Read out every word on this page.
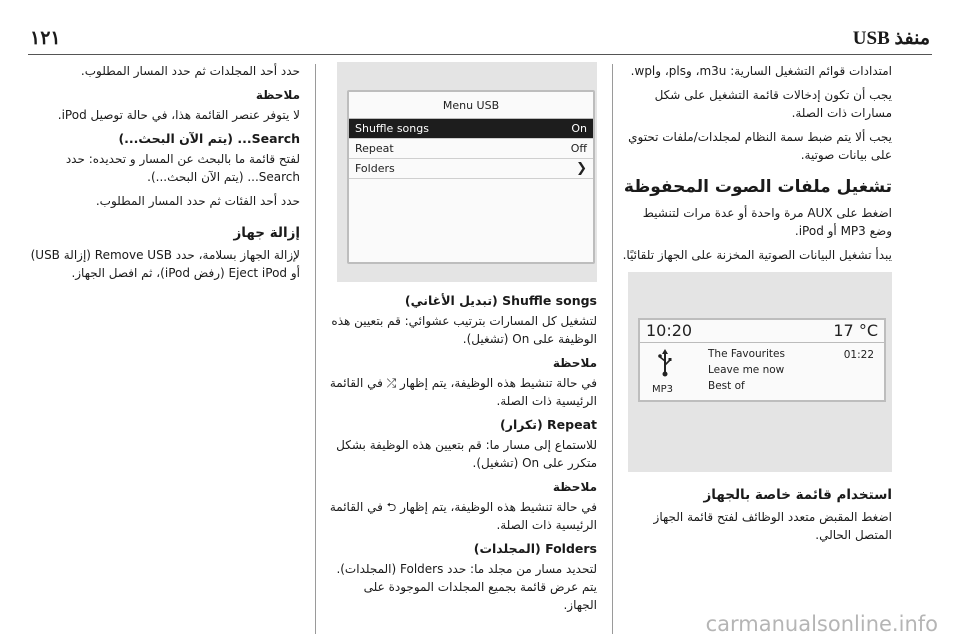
١٢١	منفذ USB

حدد أحد المجلدات ثم حدد المسار المطلوب.

ملاحظة

لا يتوفر عنصر القائمة هذا، في حالة توصيل iPod.

Search... (يتم الآن البحث...)

لفتح قائمة ما بالبحث عن المسار و تحديده: حدد Search... (يتم الآن البحث...).

حدد أحد الفئات ثم حدد المسار المطلوب.

إزالة جهاز

لإزالة الجهاز بسلامة، حدد Remove USB (إزالة USB) أو Eject iPod (رفض iPod)، ثم افصل الجهاز.

Menu USB
Shuffle songs	On
Repeat	Off
Folders	❯

Shuffle songs (تبديل الأغاني)

لتشغيل كل المسارات بترتيب عشوائي: قم بتعيين هذه الوظيفة على On (تشغيل).

ملاحظة

في حالة تنشيط هذه الوظيفة، يتم إظهار ⤮ في القائمة الرئيسية ذات الصلة.

Repeat (تكرار)

للاستماع إلى مسار ما: قم بتعيين هذه الوظيفة بشكل متكرر على On (تشغيل).

ملاحظة

في حالة تنشيط هذه الوظيفة، يتم إظهار ⮌ في القائمة الرئيسية ذات الصلة.

Folders (المجلدات)

لتحديد مسار من مجلد ما: حدد Folders (المجلدات). يتم عرض قائمة بجميع المجلدات الموجودة على الجهاز.

امتدادات قوائم التشغيل السارية: m3u، وpls، وwpl.

يجب أن تكون إدخالات قائمة التشغيل على شكل مسارات ذات الصلة.

يجب ألا يتم ضبط سمة النظام لمجلدات/ملفات تحتوي على بيانات صوتية.

تشغيل ملفات الصوت المحفوظة

اضغط على AUX مرة واحدة أو عدة مرات لتنشيط وضع MP3 أو iPod.

يبدأ تشغيل البيانات الصوتية المخزنة على الجهاز تلقائيًا.

10:20	17 °C
MP3
The Favourites
Leave me now
Best of
01:22
استخدام قائمة خاصة بالجهاز

اضغط المقبض متعدد الوظائف لفتح قائمة الجهاز المتصل الحالي.

carmanualsonline.info
